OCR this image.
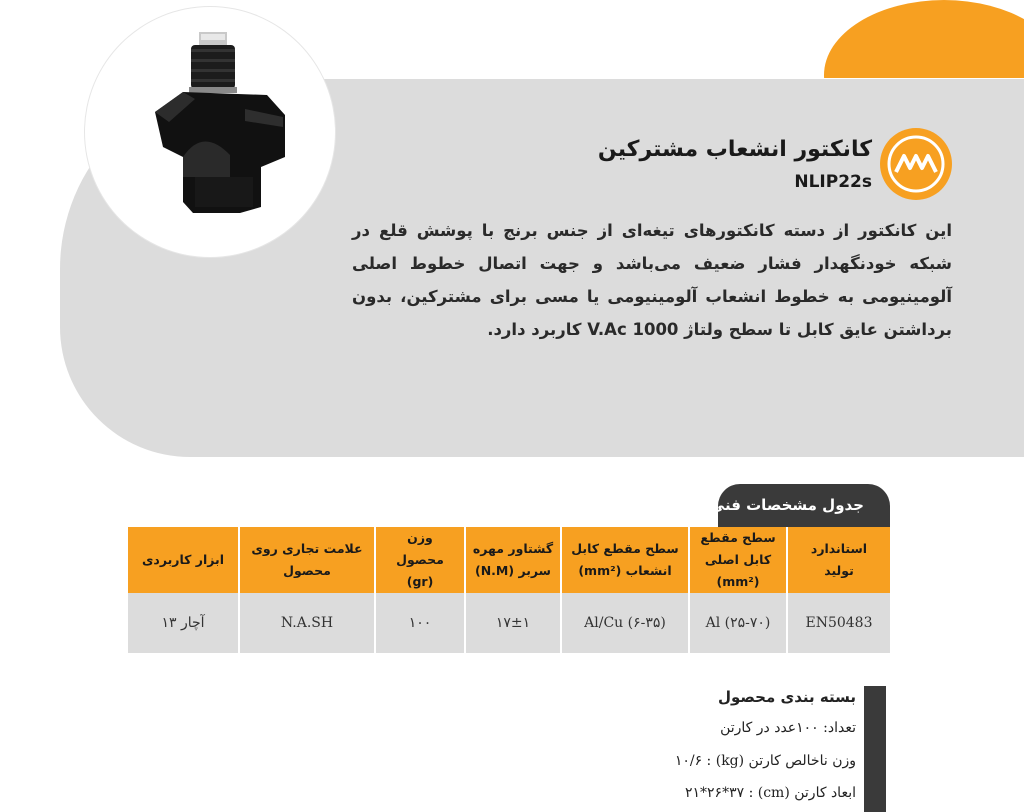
کانکتور انشعاب مشترکین
NLIP22s
این کانکتور از دسته کانکتورهای تیغه‌ای از جنس برنج با پوشش قلع در شبکه خودنگهدار فشار ضعیف می‌باشد و جهت اتصال خطوط اصلی آلومینیومی به خطوط انشعاب آلومینیومی یا مسی برای مشترکین، بدون برداشتن عایق کابل تا سطح ولتاژ 1000 V.Ac کاربرد دارد.
جدول مشخصات فنی
استاندارد تولید	سطح مقطع کابل اصلی (mm²)	سطح مقطع کابل انشعاب (mm²)	گشتاور مهره سربر (N.M)	وزن محصول (gr)	علامت تجاری روی محصول	ابزار کاربردی
EN50483	Al (۲۵-۷۰)	Al/Cu (۶-۳۵)	۱۷±۱	۱۰۰	N.A.SH	آچار ۱۳
بسته بندی محصول
تعداد: ۱۰۰عدد در کارتن
وزن ناخالص کارتن (kg) : ۱۰/۶
ابعاد کارتن (cm) : ۲۱*۲۶*۳۷
